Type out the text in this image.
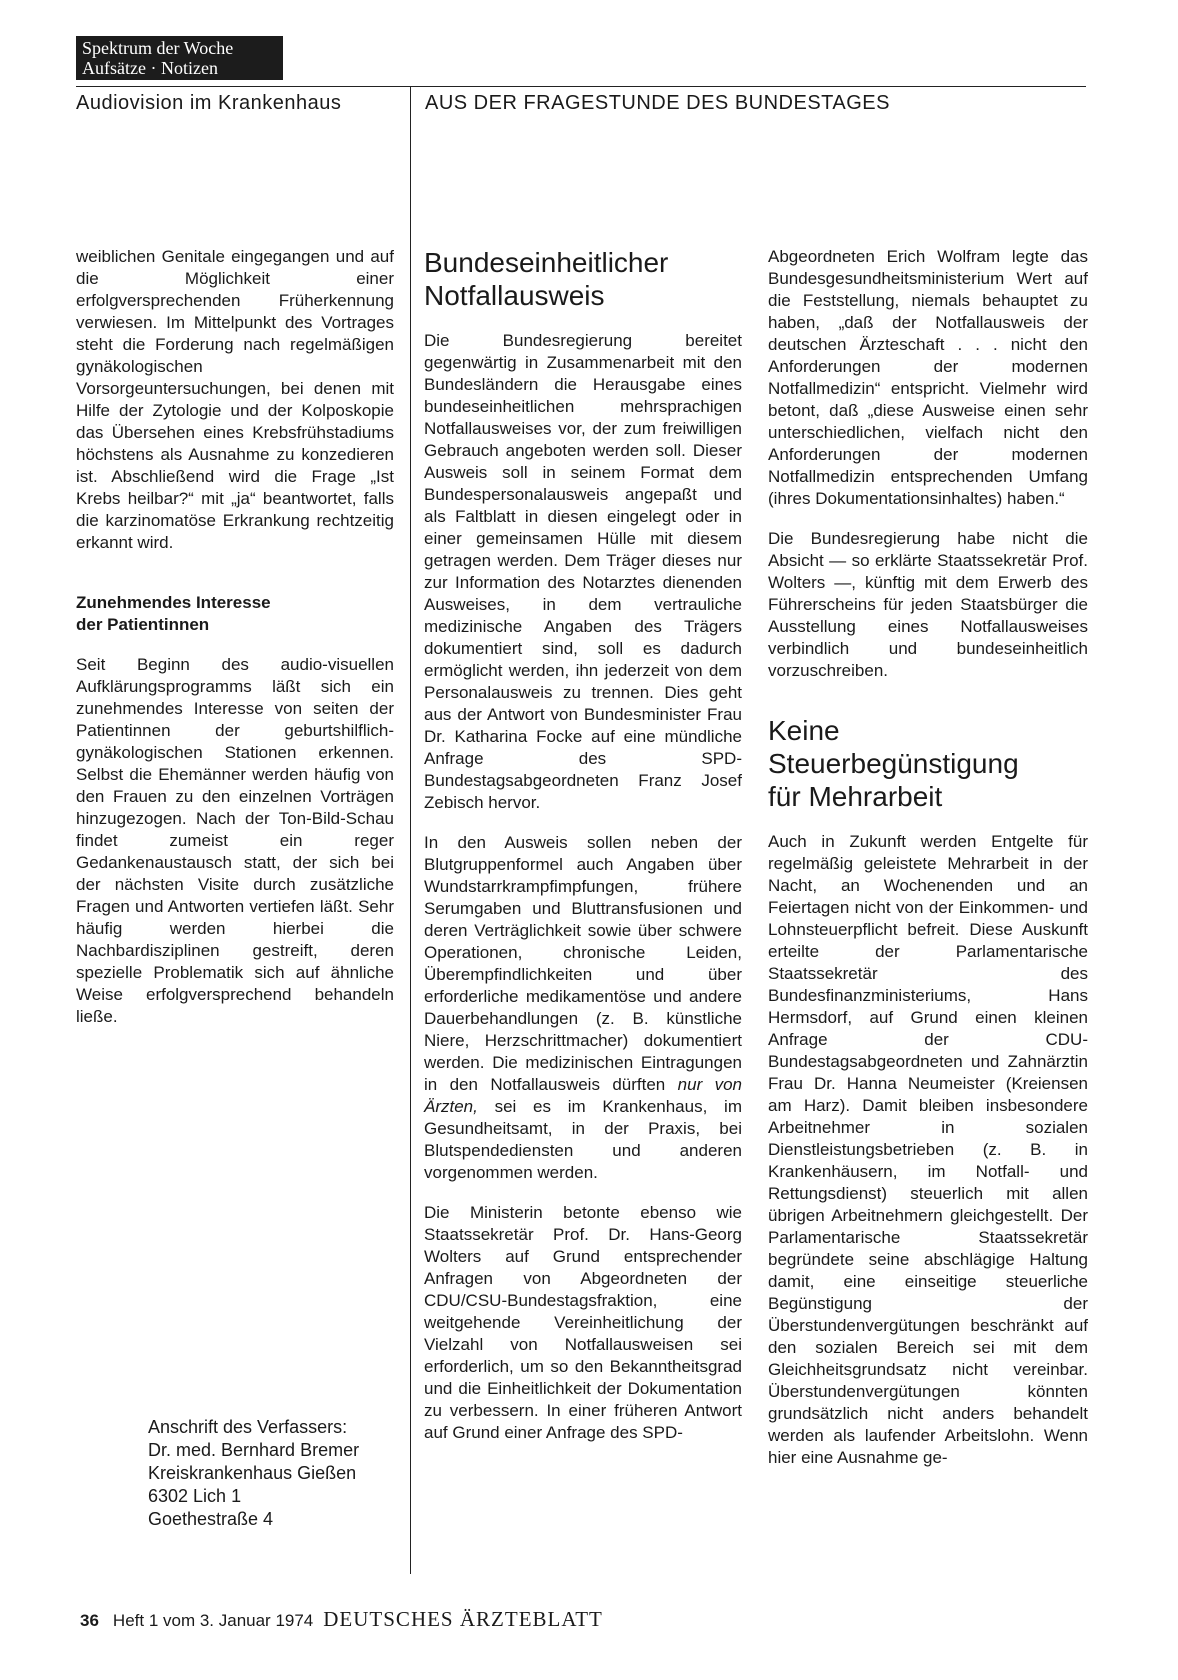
Spektrum der Woche
Aufsätze · Notizen
Audiovision im Krankenhaus	AUS DER FRAGESTUNDE DES BUNDESTAGES

weiblichen Genitale eingegangen und auf die Möglichkeit einer erfolgversprechenden Früherkennung verwiesen. Im Mittelpunkt des Vortrages steht die Forderung nach regelmäßigen gynäkologischen Vorsorgeuntersuchungen, bei denen mit Hilfe der Zytologie und der Kolposkopie das Übersehen eines Krebsfrühstadiums höchstens als Ausnahme zu konzedieren ist. Abschließend wird die Frage „Ist Krebs heilbar?“ mit „ja“ beantwortet, falls die karzinomatöse Erkrankung rechtzeitig erkannt wird.

Zunehmendes Interesse
der Patientinnen

Seit Beginn des audio-visuellen Aufklärungsprogramms läßt sich ein zunehmendes Interesse von seiten der Patientinnen der geburtshilflich-gynäkologischen Stationen erkennen. Selbst die Ehemänner werden häufig von den Frauen zu den einzelnen Vorträgen hinzugezogen. Nach der Ton-Bild-Schau findet zumeist ein reger Gedankenaustausch statt, der sich bei der nächsten Visite durch zusätzliche Fragen und Antworten vertiefen läßt. Sehr häufig werden hierbei die Nachbardisziplinen gestreift, deren spezielle Problematik sich auf ähnliche Weise erfolgversprechend behandeln ließe.

Anschrift des Verfassers:
Dr. med. Bernhard Bremer
Kreiskrankenhaus Gießen
6302 Lich 1
Goethestraße 4
Bundeseinheitlicher
Notfallausweis

Die Bundesregierung bereitet gegenwärtig in Zusammenarbeit mit den Bundesländern die Herausgabe eines bundeseinheitlichen mehrsprachigen Notfallausweises vor, der zum freiwilligen Gebrauch angeboten werden soll. Dieser Ausweis soll in seinem Format dem Bundespersonalausweis angepaßt und als Faltblatt in diesen eingelegt oder in einer gemeinsamen Hülle mit diesem getragen werden. Dem Träger dieses nur zur Information des Notarztes dienenden Ausweises, in dem vertrauliche medizinische Angaben des Trägers dokumentiert sind, soll es dadurch ermöglicht werden, ihn jederzeit von dem Personalausweis zu trennen. Dies geht aus der Antwort von Bundesminister Frau Dr. Katharina Focke auf eine mündliche Anfrage des SPD-Bundestagsabgeordneten Franz Josef Zebisch hervor.

In den Ausweis sollen neben der Blutgruppenformel auch Angaben über Wundstarrkrampfimpfungen, frühere Serumgaben und Bluttransfusionen und deren Verträglichkeit sowie über schwere Operationen, chronische Leiden, Überempfindlichkeiten und über erforderliche medikamentöse und andere Dauerbehandlungen (z. B. künstliche Niere, Herzschrittmacher) dokumentiert werden. Die medizinischen Eintragungen in den Notfallausweis dürften nur von Ärzten, sei es im Krankenhaus, im Gesundheitsamt, in der Praxis, bei Blutspendediensten und anderen vorgenommen werden.

Die Ministerin betonte ebenso wie Staatssekretär Prof. Dr. Hans-Georg Wolters auf Grund entsprechender Anfragen von Abgeordneten der CDU/CSU-Bundestagsfraktion, eine weitgehende Vereinheitlichung der Vielzahl von Notfallausweisen sei erforderlich, um so den Bekanntheitsgrad und die Einheitlichkeit der Dokumentation zu verbessern. In einer früheren Antwort auf Grund einer Anfrage des SPD-

Abgeordneten Erich Wolfram legte das Bundesgesundheitsministerium Wert auf die Feststellung, niemals behauptet zu haben, „daß der Notfallausweis der deutschen Ärzteschaft . . . nicht den Anforderungen der modernen Notfallmedizin“ entspricht. Vielmehr wird betont, daß „diese Ausweise einen sehr unterschiedlichen, vielfach nicht den Anforderungen der modernen Notfallmedizin entsprechenden Umfang (ihres Dokumentationsinhaltes) haben.“

Die Bundesregierung habe nicht die Absicht — so erklärte Staatssekretär Prof. Wolters —, künftig mit dem Erwerb des Führerscheins für jeden Staatsbürger die Ausstellung eines Notfallausweises verbindlich und bundeseinheitlich vorzuschreiben.

Keine
Steuerbegünstigung
für Mehrarbeit

Auch in Zukunft werden Entgelte für regelmäßig geleistete Mehrarbeit in der Nacht, an Wochenenden und an Feiertagen nicht von der Einkommen- und Lohnsteuerpflicht befreit. Diese Auskunft erteilte der Parlamentarische Staatssekretär des Bundesfinanzministeriums, Hans Hermsdorf, auf Grund einen kleinen Anfrage der CDU-Bundestagsabgeordneten und Zahnärztin Frau Dr. Hanna Neumeister (Kreiensen am Harz). Damit bleiben insbesondere Arbeitnehmer in sozialen Dienstleistungsbetrieben (z. B. in Krankenhäusern, im Notfall- und Rettungsdienst) steuerlich mit allen übrigen Arbeitnehmern gleichgestellt. Der Parlamentarische Staatssekretär begründete seine abschlägige Haltung damit, eine einseitige steuerliche Begünstigung der Überstundenvergütungen beschränkt auf den sozialen Bereich sei mit dem Gleichheitsgrundsatz nicht vereinbar. Überstundenvergütungen könnten grundsätzlich nicht anders behandelt werden als laufender Arbeitslohn. Wenn hier eine Ausnahme ge-

36 Heft 1 vom 3. Januar 1974 DEUTSCHES ÄRZTEBLATT
